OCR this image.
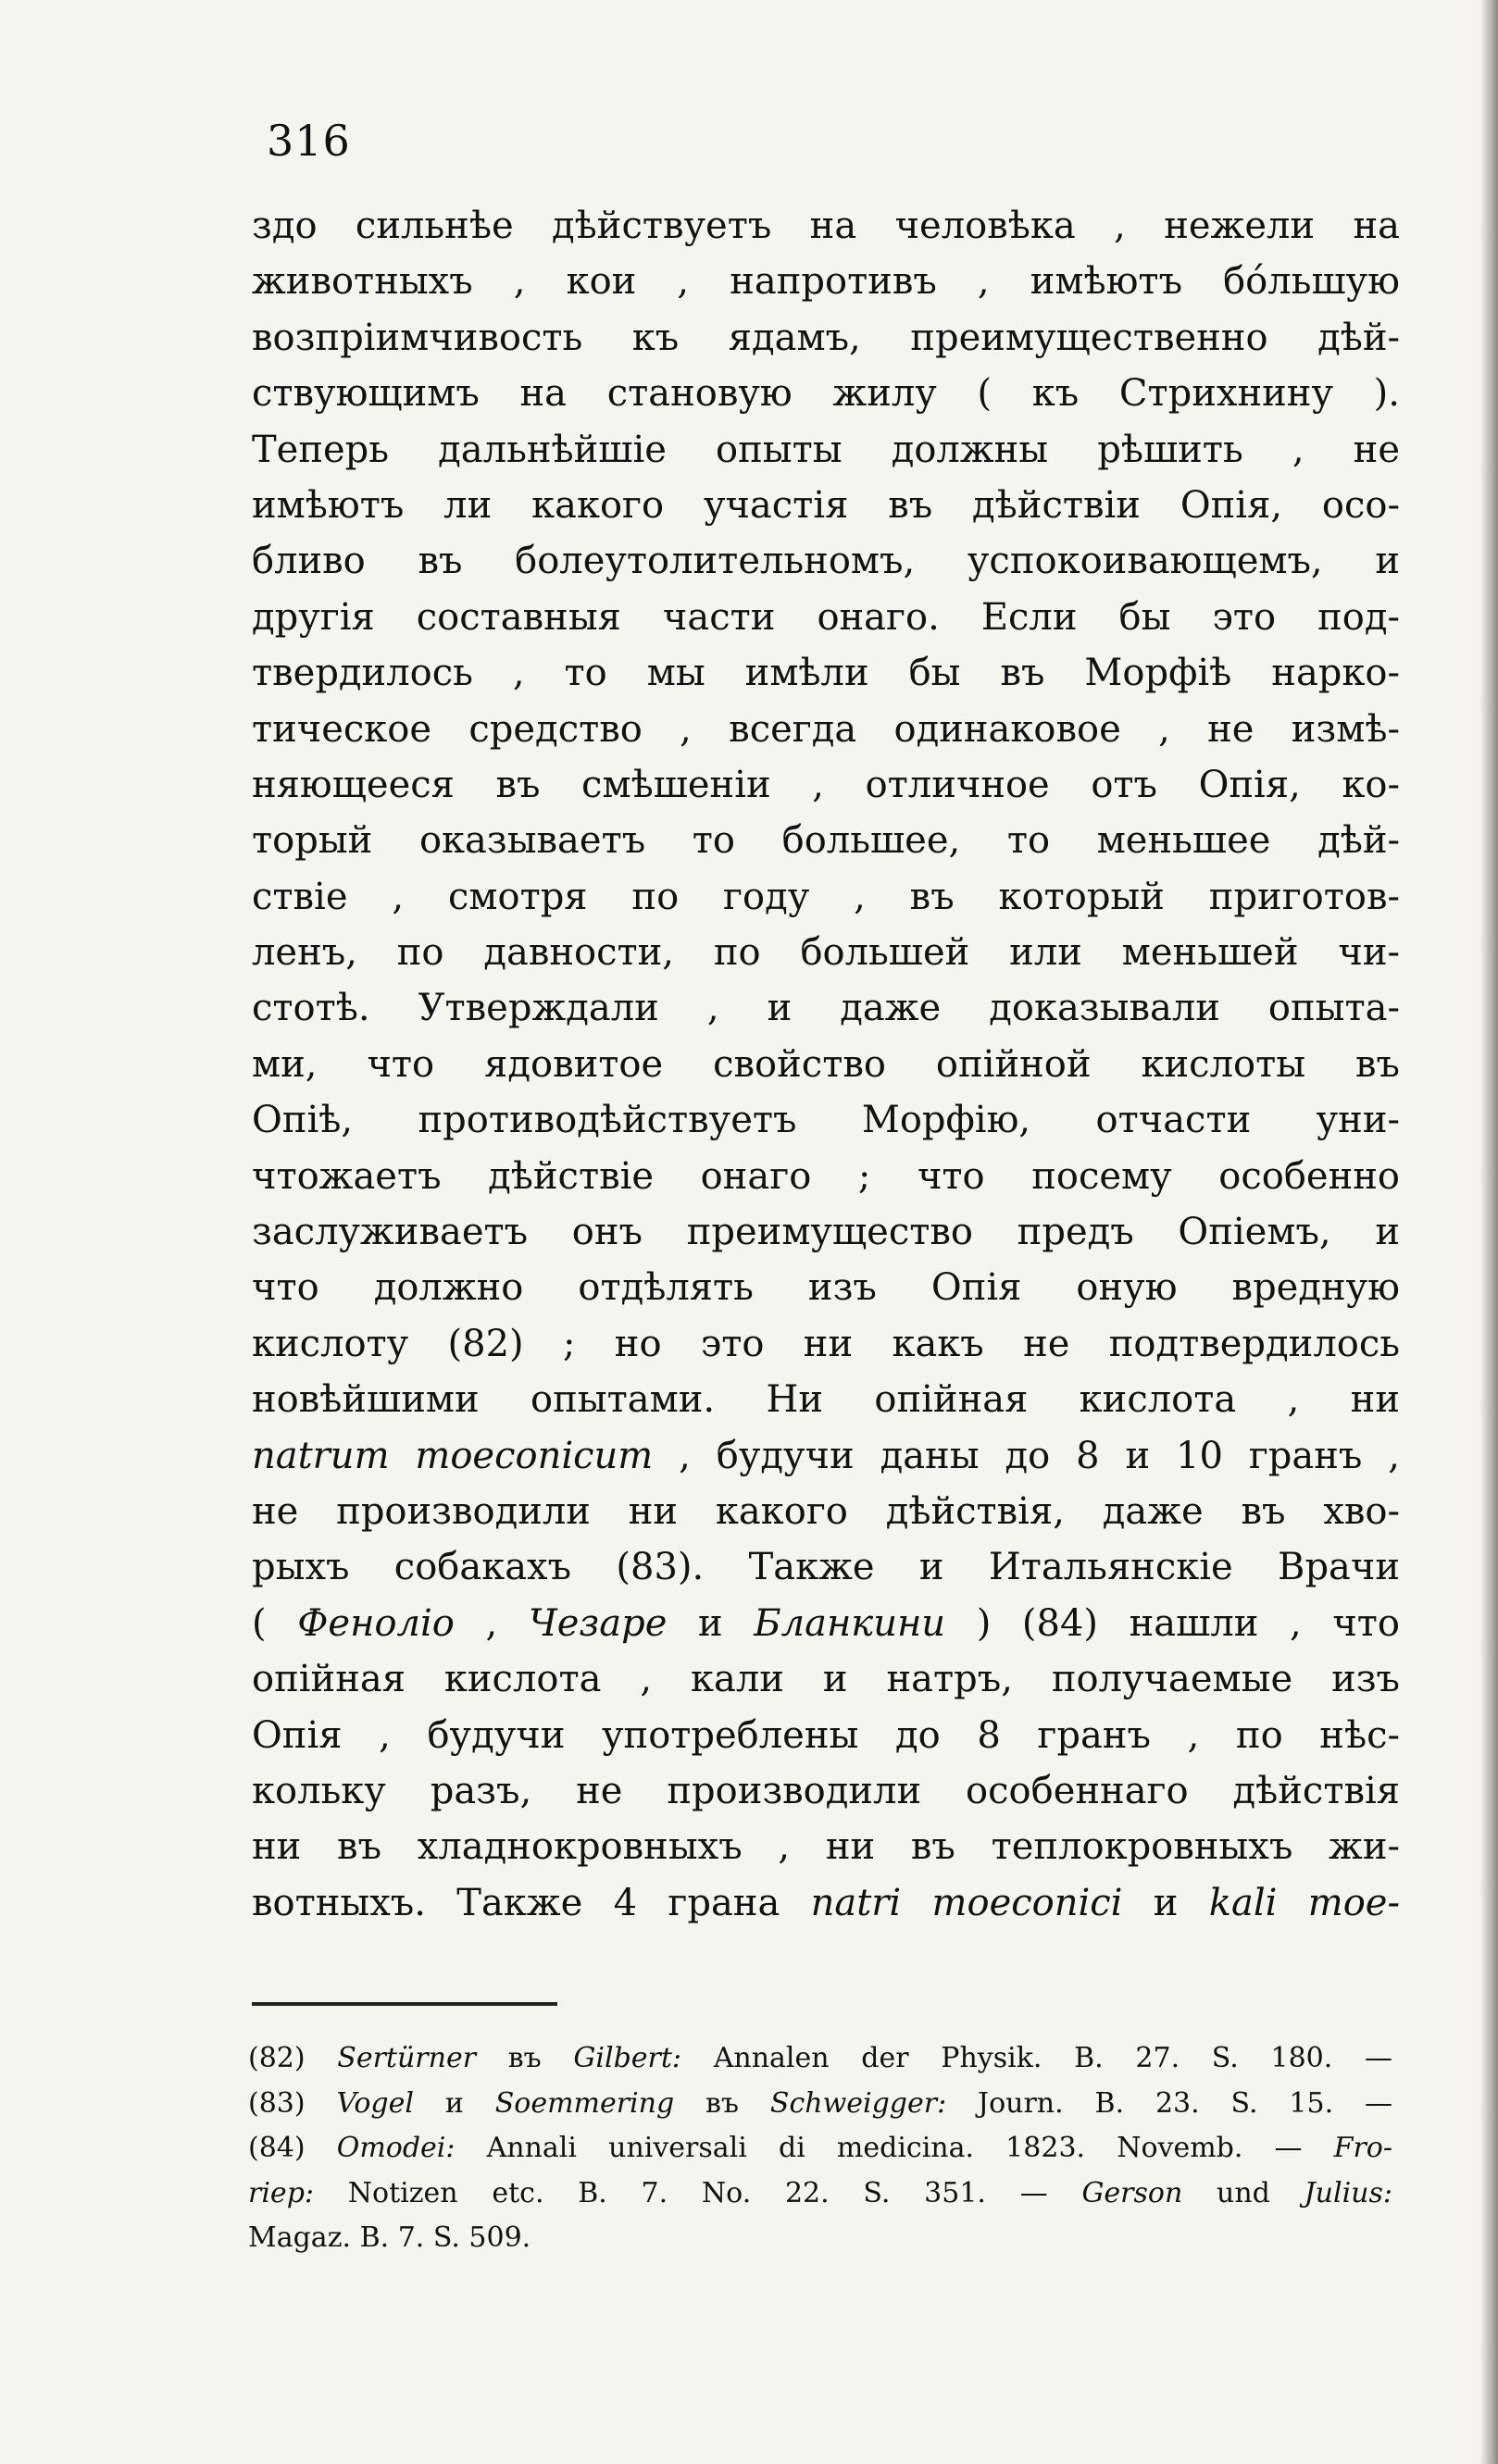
316
здо сильнѣе дѣйствуетъ на человѣка , нежели на
животныхъ , кои , напротивъ , имѣютъ бо́льшую
возпріимчивость къ ядамъ, преимущественно дѣй-
ствующимъ на становую жилу ( къ Стрихнину ).
Теперь дальнѣйшіе опыты должны рѣшить , не
имѣютъ ли какого участія въ дѣйствіи Опія, осо-
бливо въ болеутолительномъ, успокоивающемъ, и
другія составныя части онаго. Если бы это под-
твердилось , то мы имѣли бы въ Морфіѣ нарко-
тическое средство , всегда одинаковое , не измѣ-
няющееся въ смѣшеніи , отличное отъ Опія, ко-
торый оказываетъ то большее, то меньшее дѣй-
ствіе , смотря по году , въ который приготов-
ленъ, по давности, по большей или меньшей чи-
стотѣ. Утверждали , и даже доказывали опыта-
ми, что ядовитое свойство опійной кислоты въ
Опіѣ, противодѣйствуетъ Морфію, отчасти уни-
чтожаетъ дѣйствіе онаго ; что посему особенно
заслуживаетъ онъ преимущество предъ Опіемъ, и
что должно отдѣлять изъ Опія оную вредную
кислоту (82) ; но это ни какъ не подтвердилось
новѣйшими опытами. Ни опійная кислота , ни
natrum moeconicum , будучи даны до 8 и 10 гранъ ,
не производили ни какого дѣйствія, даже въ хво-
рыхъ собакахъ (83). Также и Итальянскіе Врачи
( Феноліо , Чезаре и Бланкини ) (84) нашли , что
опійная кислота , кали и натръ, получаемые изъ
Опія , будучи употреблены до 8 гранъ , по нѣс-
кольку разъ, не производили особеннаго дѣйствія
ни въ хладнокровныхъ , ни въ теплокровныхъ жи-
вотныхъ. Также 4 грана natri moeconici и kali moe-
(82) Sertürner въ Gilbert: Annalen der Physik. B. 27. S. 180. —
(83) Vogel и Soemmering въ Schweigger: Journ. B. 23. S. 15. —
(84) Omodei: Annali universali di medicina. 1823. Novemb. — Fro-
riep: Notizen etc. B. 7. No. 22. S. 351. — Gerson und Julius:
Magaz. B. 7. S. 509.
